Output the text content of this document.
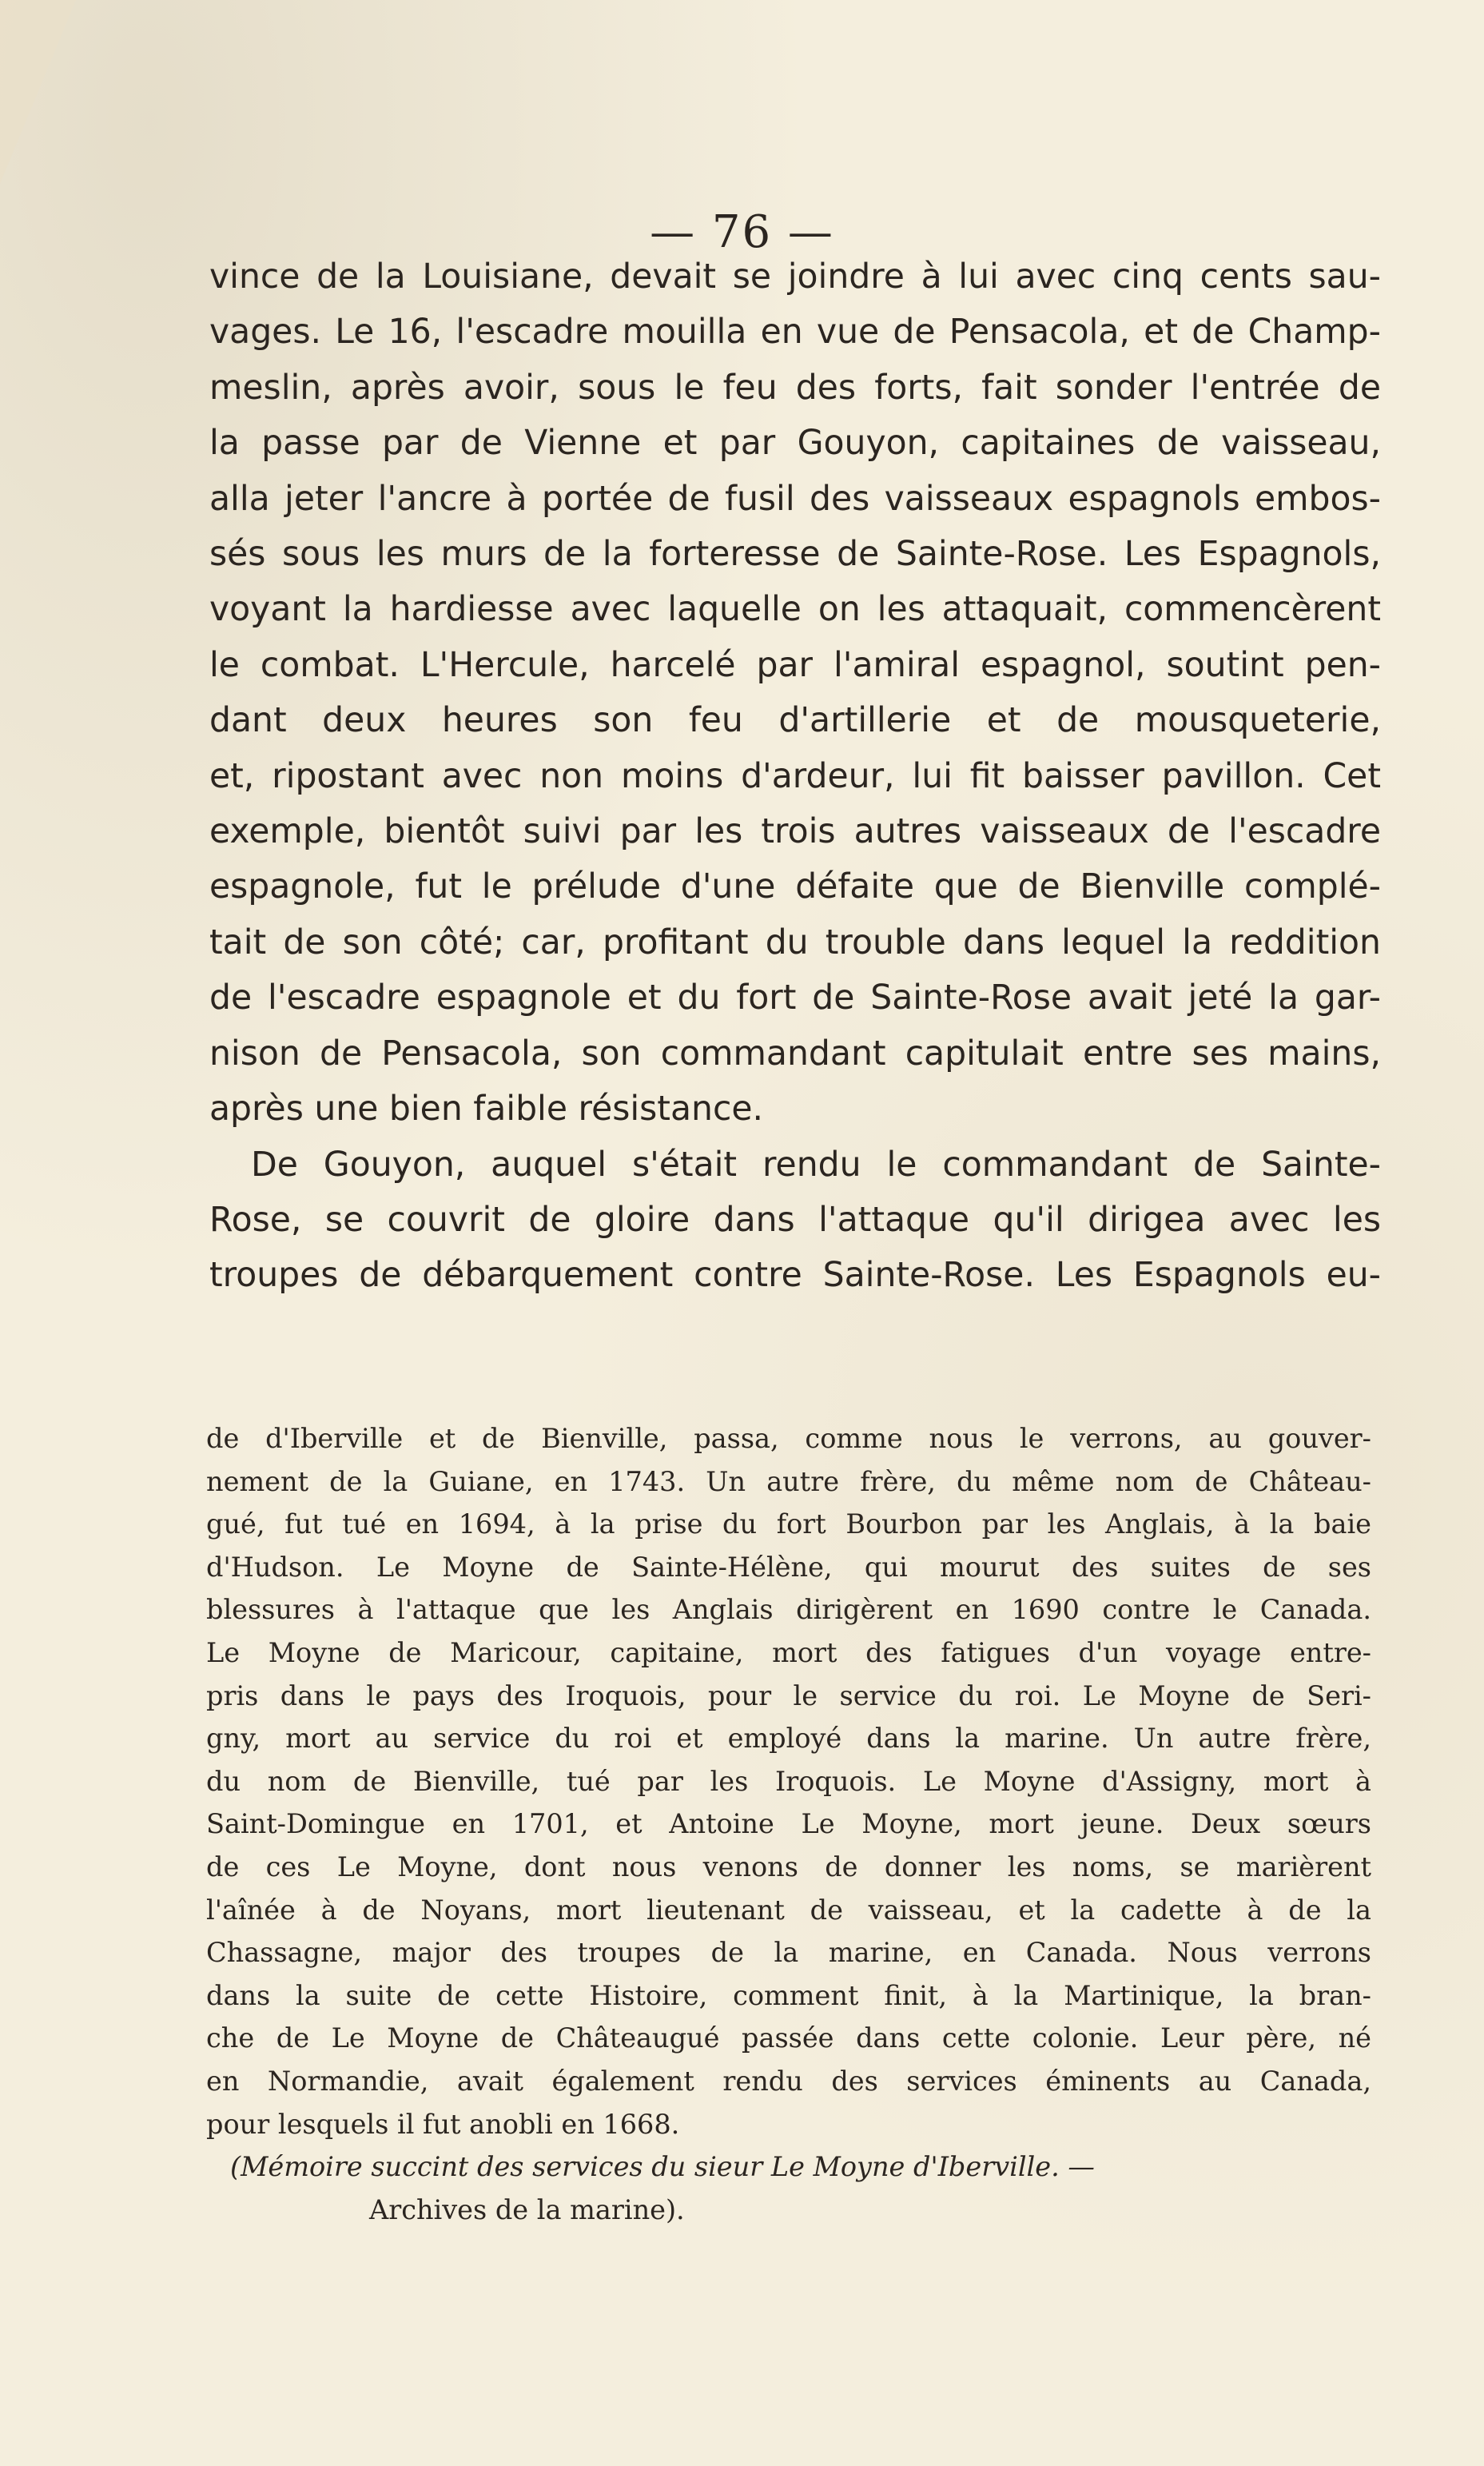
— 76 —
vince de la Louisiane, devait se joindre à lui avec cinq cents sau-
vages. Le 16, l'escadre mouilla en vue de Pensacola, et de Champ-
meslin, après avoir, sous le feu des forts, fait sonder l'entrée de
la passe par de Vienne et par Gouyon, capitaines de vaisseau,
alla jeter l'ancre à portée de fusil des vaisseaux espagnols embos-
sés sous les murs de la forteresse de Sainte-Rose. Les Espagnols,
voyant la hardiesse avec laquelle on les attaquait, commencèrent
le combat. L'Hercule, harcelé par l'amiral espagnol, soutint pen-
dant deux heures son feu d'artillerie et de mousqueterie,
et, ripostant avec non moins d'ardeur, lui fit baisser pavillon. Cet
exemple, bientôt suivi par les trois autres vaisseaux de l'escadre
espagnole, fut le prélude d'une défaite que de Bienville complé-
tait de son côté; car, profitant du trouble dans lequel la reddition
de l'escadre espagnole et du fort de Sainte-Rose avait jeté la gar-
nison de Pensacola, son commandant capitulait entre ses mains,
après une bien faible résistance.
De Gouyon, auquel s'était rendu le commandant de Sainte-
Rose, se couvrit de gloire dans l'attaque qu'il dirigea avec les
troupes de débarquement contre Sainte-Rose. Les Espagnols eu-
de d'Iberville et de Bienville, passa, comme nous le verrons, au gouver-
nement de la Guiane, en 1743. Un autre frère, du même nom de Château-
gué, fut tué en 1694, à la prise du fort Bourbon par les Anglais, à la baie
d'Hudson. Le Moyne de Sainte-Hélène, qui mourut des suites de ses
blessures à l'attaque que les Anglais dirigèrent en 1690 contre le Canada.
Le Moyne de Maricour, capitaine, mort des fatigues d'un voyage entre-
pris dans le pays des Iroquois, pour le service du roi. Le Moyne de Seri-
gny, mort au service du roi et employé dans la marine. Un autre frère,
du nom de Bienville, tué par les Iroquois. Le Moyne d'Assigny, mort à
Saint-Domingue en 1701, et Antoine Le Moyne, mort jeune. Deux sœurs
de ces Le Moyne, dont nous venons de donner les noms, se marièrent
l'aînée à de Noyans, mort lieutenant de vaisseau, et la cadette à de la
Chassagne, major des troupes de la marine, en Canada. Nous verrons
dans la suite de cette Histoire, comment finit, à la Martinique, la bran-
che de Le Moyne de Châteaugué passée dans cette colonie. Leur père, né
en Normandie, avait également rendu des services éminents au Canada,
pour lesquels il fut anobli en 1668.
(Mémoire succint des services du sieur Le Moyne d'Iberville. —
Archives de la marine).
